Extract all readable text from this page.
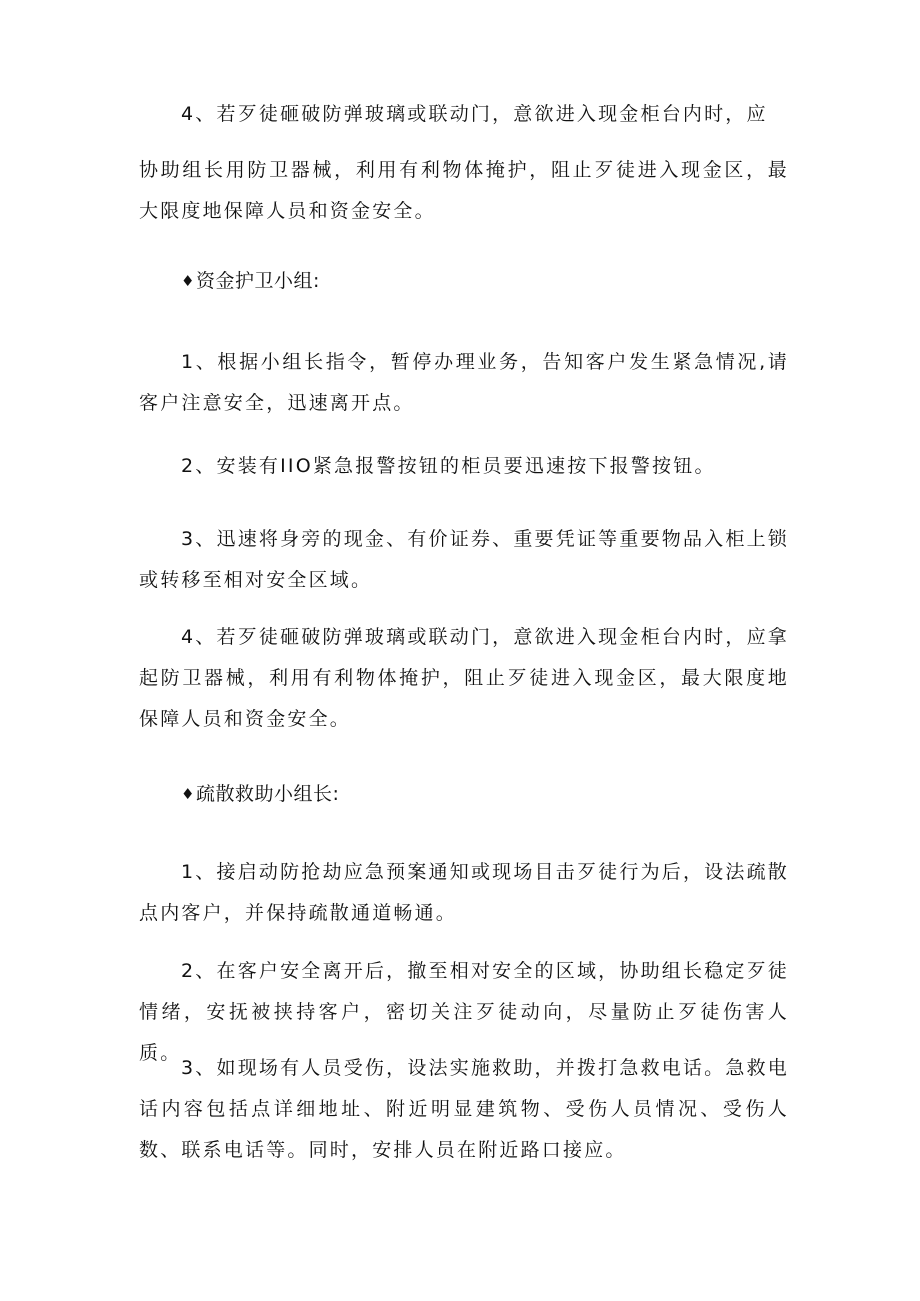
4、若歹徒砸破防弹玻璃或联动门，意欲进入现金柜台内时，应

协助组长用防卫器械，利用有利物体掩护，阻止歹徒进入现金区，最大限度地保障人员和资金安全。

♦资金护卫小组:

1、根据小组长指令，暂停办理业务，告知客户发生紧急情况,请客户注意安全，迅速离开点。

2、安装有IIO紧急报警按钮的柜员要迅速按下报警按钮。

3、迅速将身旁的现金、有价证券、重要凭证等重要物品入柜上锁或转移至相对安全区域。

4、若歹徒砸破防弹玻璃或联动门，意欲进入现金柜台内时，应拿起防卫器械，利用有利物体掩护，阻止歹徒进入现金区，最大限度地保障人员和资金安全。

♦疏散救助小组长:

1、接启动防抢劫应急预案通知或现场目击歹徒行为后，设法疏散点内客户，并保持疏散通道畅通。

2、在客户安全离开后，撤至相对安全的区域，协助组长稳定歹徒情绪，安抚被挟持客户，密切关注歹徒动向，尽量防止歹徒伤害人质。

3、如现场有人员受伤，设法实施救助，并拨打急救电话。急救电话内容包括点详细地址、附近明显建筑物、受伤人员情况、受伤人数、联系电话等。同时，安排人员在附近路口接应。
